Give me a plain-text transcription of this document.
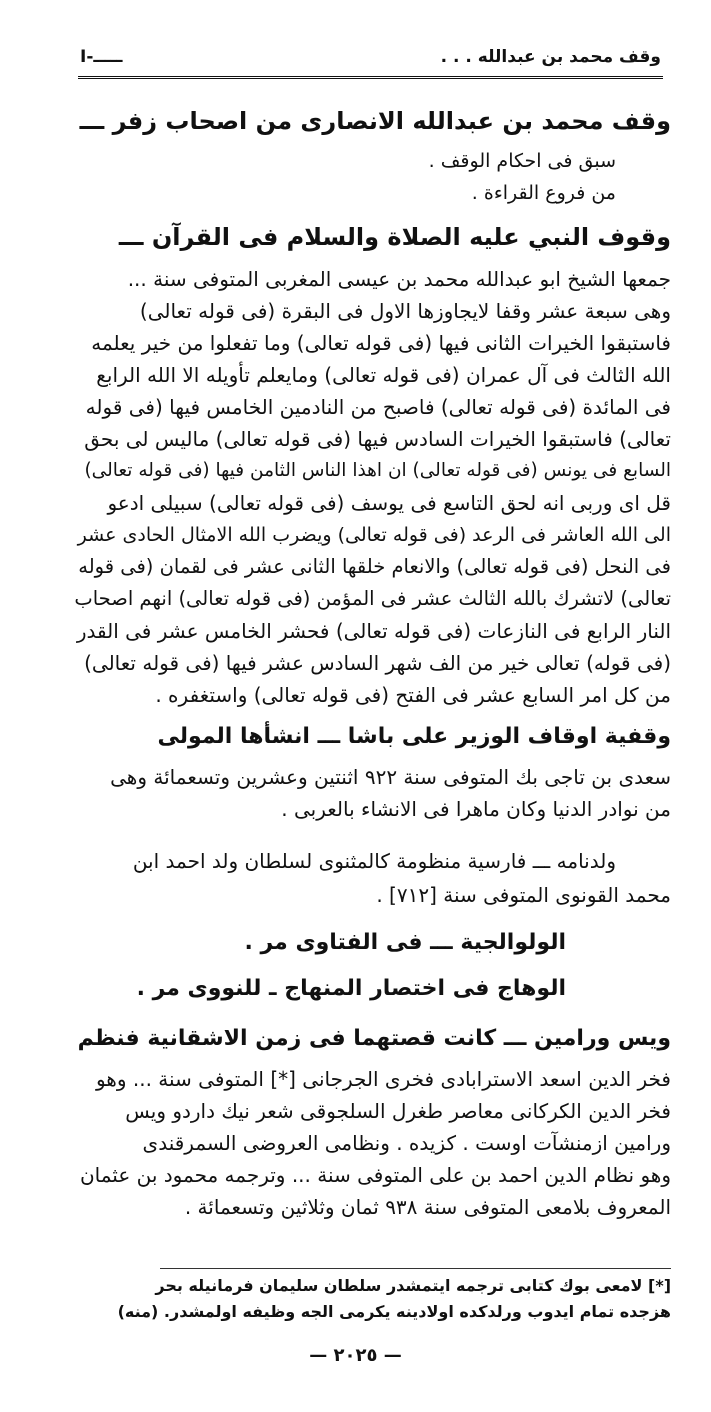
I-ـــــ	وقف محمد بن عبدالله . . .
وقف محمد بن عبدالله الانصارى من اصحاب زفر ـــ
سبق فى احكام الوقف .
من فروع القراءة .
وقوف النبي عليه الصلاة والسلام فى القرآن ـــ
جمعها الشيخ ابو عبدالله محمد بن عيسى المغربى المتوفى سنة ...
وهى سبعة عشر وقفا لايجاوزها الاول فى البقرة (فى قوله تعالى)
فاستبقوا الخيرات الثانى فيها (فى قوله تعالى) وما تفعلوا من خير يعلمه
الله الثالث فى آل عمران (فى قوله تعالى) ومايعلم تأويله الا الله الرابع
فى المائدة (فى قوله تعالى) فاصبح من النادمين الخامس فيها (فى قوله
تعالى) فاستبقوا الخيرات السادس فيها (فى قوله تعالى) ماليس لى بحق
السابع فى يونس (فى قوله تعالى) ان اهذا الناس الثامن فيها (فى قوله تعالى)
قل اى وربى انه لحق التاسع فى يوسف (فى قوله تعالى) سبيلى ادعو
الى الله العاشر فى الرعد (فى قوله تعالى) ويضرب الله الامثال الحادى عشر
فى النحل (فى قوله تعالى) والانعام خلقها الثانى عشر فى لقمان (فى قوله
تعالى) لاتشرك بالله الثالث عشر فى المؤمن (فى قوله تعالى) انهم اصحاب
النار الرابع فى النازعات (فى قوله تعالى) فحشر الخامس عشر فى القدر
(فى قوله) تعالى خير من الف شهر السادس عشر فيها (فى قوله تعالى)
من كل امر السابع عشر فى الفتح (فى قوله تعالى) واستغفره .
وقفية اوقاف الوزير على باشا ـــ انشأها المولى
سعدى بن تاجى بك المتوفى سنة ٩٢٢ اثنتين وعشرين وتسعمائة وهى
من نوادر الدنيا وكان ماهرا فى الانشاء بالعربى .
ولدنامه ـــ فارسية منظومة كالمثنوى لسلطان ولد احمد ابن
محمد القونوى المتوفى سنة [٧١٢] .
الولوالجية ـــ فى الفتاوى مر .
الوهاج فى اختصار المنهاج ـ للنووى مر .
ويس ورامين ـــ كانت قصتهما فى زمن الاشقانية فنظم
فخر الدين اسعد الاسترابادى فخرى الجرجانى [*] المتوفى سنة ... وهو
فخر الدين الكركانى معاصر طغرل السلجوقى شعر نيك داردو ويس
ورامين ازمنشآت اوست . كزيده . ونظامى العروضى السمرقندى
وهو نظام الدين احمد بن على المتوفى سنة ... وترجمه محمود بن عثمان
المعروف بلامعى المتوفى سنة ٩٣٨ ثمان وثلاثين وتسعمائة .
[*] لامعى بوك كتابى ترجمه ايتمشدر سلطان سليمان فرمانيله بحر
هزجده تمام ايدوب ورلدكده اولادينه يكرمى الجه وظيفه اولمشدر. (منه)
— ٢٠٢٥ —
